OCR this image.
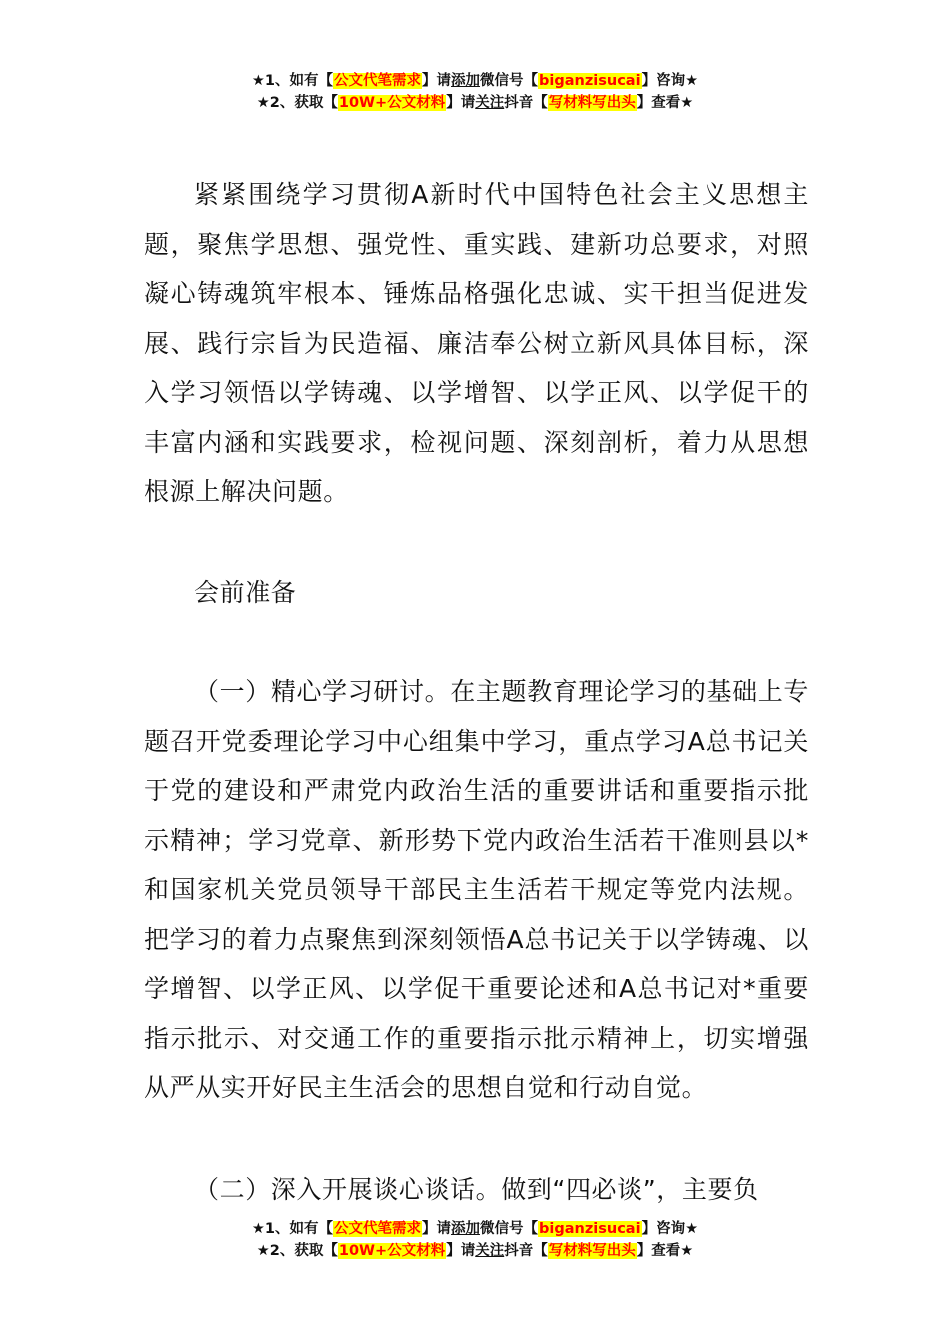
★1、如有【公文代笔需求】请添加微信号【biganzisucai】咨询★
★2、获取【10W+公文材料】请关注抖音【写材料写出头】查看★

紧紧围绕学习贯彻A新时代中国特色社会主义思想主题，聚焦学思想、强党性、重实践、建新功总要求，对照凝心铸魂筑牢根本、锤炼品格强化忠诚、实干担当促进发展、践行宗旨为民造福、廉洁奉公树立新风具体目标，深入学习领悟以学铸魂、以学增智、以学正风、以学促干的丰富内涵和实践要求，检视问题、深刻剖析，着力从思想根源上解决问题。

会前准备

（一）精心学习研讨。在主题教育理论学习的基础上专题召开党委理论学习中心组集中学习，重点学习A总书记关于党的建设和严肃党内政治生活的重要讲话和重要指示批示精神；学习党章、新形势下党内政治生活若干准则县以*和国家机关党员领导干部民主生活若干规定等党内法规。把学习的着力点聚焦到深刻领悟A总书记关于以学铸魂、以学增智、以学正风、以学促干重要论述和A总书记对*重要指示批示、对交通工作的重要指示批示精神上，切实增强从严从实开好民主生活会的思想自觉和行动自觉。

（二）深入开展谈心谈话。做到“四必谈”，主要负

★1、如有【公文代笔需求】请添加微信号【biganzisucai】咨询★
★2、获取【10W+公文材料】请关注抖音【写材料写出头】查看★
